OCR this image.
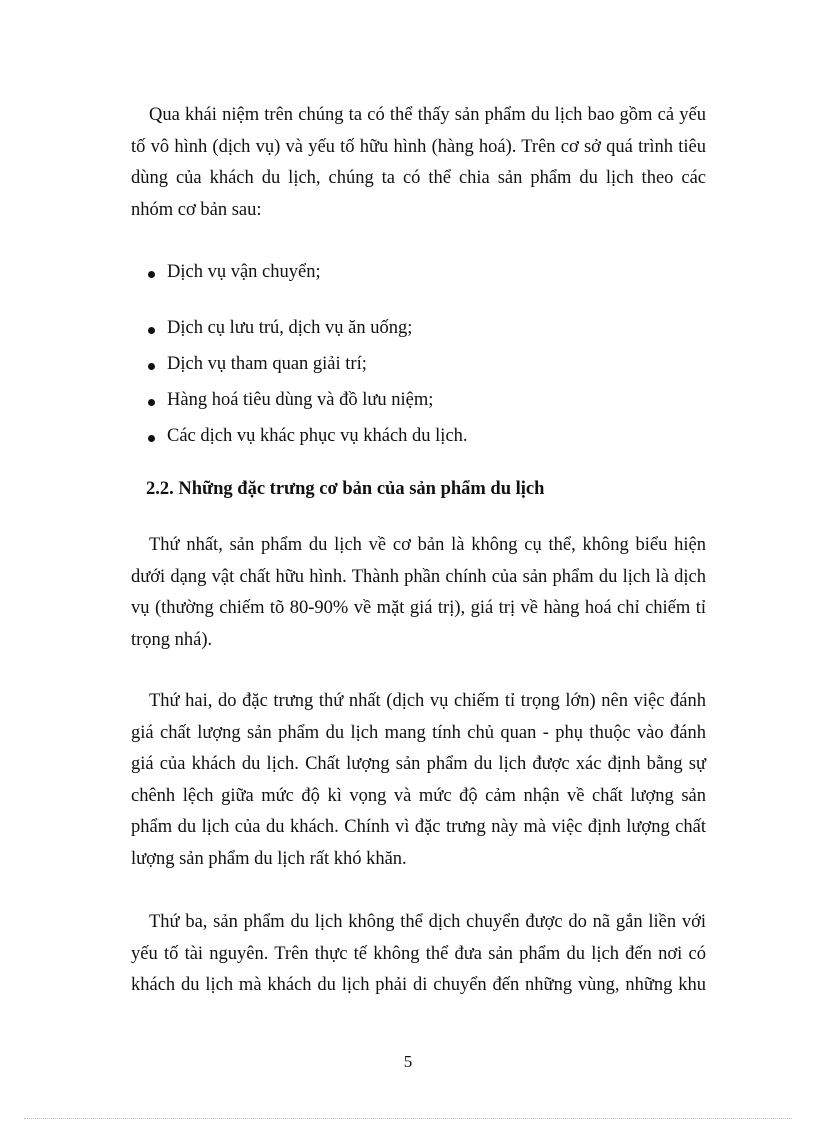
Qua khái niệm trên chúng ta có thể thấy sản phẩm du lịch bao gồm cả yếu
tố vô hình (dịch vụ) và yếu tố hữu hình (hàng hoá). Trên cơ sở quá trình tiêu
dùng của khách du lịch, chúng ta có thể chia sản phẩm du lịch theo các
nhóm cơ bản sau:

Dịch vụ vận chuyển;
Dịch cụ lưu trú, dịch vụ ăn uống;
Dịch vụ tham quan giải trí;
Hàng hoá tiêu dùng và đồ lưu niệm;
Các dịch vụ khác phục vụ khách du lịch.
2.2. Những đặc trưng cơ bản của sản phẩm du lịch

Thứ nhất, sản phẩm du lịch về cơ bản là không cụ thể, không biểu hiện
dưới dạng vật chất hữu hình. Thành phần chính của sản phẩm du lịch là dịch
vụ (thường chiếm tõ 80-90% về mặt giá trị), giá trị về hàng hoá chỉ chiếm tỉ
trọng nhá).

Thứ hai, do đặc trưng thứ nhất (dịch vụ chiếm tỉ trọng lớn) nên việc đánh
giá chất lượng sản phẩm du lịch mang tính chủ quan - phụ thuộc vào đánh
giá của khách du lịch. Chất lượng sản phẩm du lịch được xác định bằng sự
chênh lệch giữa mức độ kì vọng và mức độ cảm nhận về chất lượng sản
phẩm du lịch của du khách. Chính vì đặc trưng này mà việc định lượng chất
lượng sản phẩm du lịch rất khó khăn.

Thứ ba, sản phẩm du lịch không thể dịch chuyển được do nã gắn liền với
yếu tố tài nguyên. Trên thực tế không thể đưa sản phẩm du lịch đến nơi có
khách du lịch mà khách du lịch phải di chuyển đến những vùng, những khu

5
